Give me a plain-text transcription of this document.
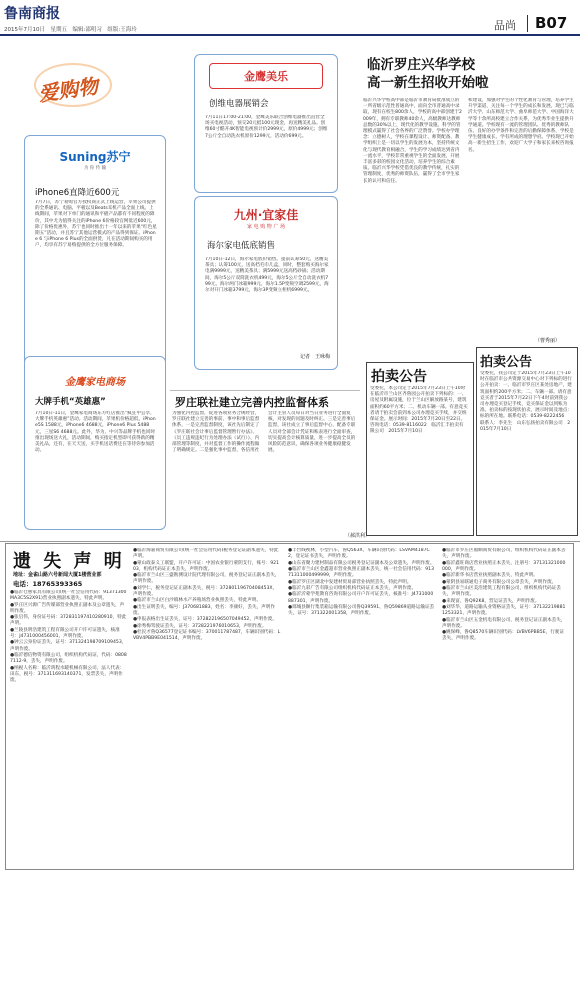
鲁南商报
2015年7月10日　星期五　编辑:邵明习　组版:王海玲	品尚 B07
爱购物
Suning苏宁
为 你 传 输
iPhone6直降近600元
7月7日，苏宁易购官方授权商正式上线运营，苹果公司提供的全系通讯、电脑、平板以及Beats耳机产品全面上线。上线期间，苹果对下单门的通讯和平板产品都有不同程度的降价，其中尤为值得关注的iPhone 6价格较官网低近600元，除了价格优惠外，苏宁也同时推出十一年以来的苹果“红色星期五”活动，并且苏宁其他运营模式的产品得到保证。iPhone 6 与iPhone 6 Plus的全面供货，凡在活动期间购买的用户，均享有苏宁易购提供的全方位服务保障。
金鹰美乐
创维电器展销会
7月11日17:00-21:00，金鹰美乐联合创维电器推出直营全场买电视活动，预交20元抵100元现金，再送精美礼品。创维60寸酷开4K智能电视预计价2999元，原价4999元；创维7公斤全自动洗衣机原价1299元，活动价699元。
九州·宜家佳
家 电 购 物 广 场
海尔家电低底销售
7月10日-12日，海尔家电底价销售。提前认筹50元，送精美茶具；认筹100元，送高档毛巾几盒，同时，整套购买海尔家电满9999元，送精美茶具；满5999元送高档砂锅；活动期间，海尔5公斤双筒洗衣机499元，海尔5公斤全自动洗衣机799元，海尔两门冰箱999元，海尔1.5P变频空调2599元，海尔对开门冰箱3799元，海尔3P变频立柜机6999元。
记者　王咏梅
金鹰家电商场
大牌手机“英雄惠”
7月10日-11日，金鹰家电商场东方红店推出“疯狂甲公享，大牌手机英雄惠”活动。活动期间，苹果机价格超低，iPhone5S 1588元，iPhone6 4688元，iPhone6 Plus 5488元，三星S6 4688元。此外，华为，中兴等品牌手机也同时推出现场送大礼，活动期间，购买指定机型即可获得新的精美礼品，还有，在天天送，买手机送话费还在等待你参加活动。
临沂罗庄兴华学校
高一新生招收开始啦
临沂兴华学校高中部是临沂市教育局批准成立的一所省级示范性普通高中，面向全市普通高中录取，现有在校生800余人，学校的高中部创建于2009年，拥有专职教师40余人，高级教师达教师总数的30%以上，现代化的教学设施、科学的管理模式赢得了社会各界的广泛赞誉。学校办学理念：立德树人，学校在课程设计、师资配备、教学组织上是一切以学生的发展为本，坚持传统文化与现代教育相融合，学生的学习成绩达到省内一流水平，学校非常重视学生的全面发展，开展丰富多彩的校园文化活动，培养学生的综合素质。临沂兴华学校凭借优良的教学传统，扎实的管理制度，优秀的师资队伍，赢得了全市学生家长的认可和信任。
和建设，加强对学生的个性化教育与管理，培养学生升学渠道，关注每一个学生的成长和发展，现已与临沂大学、山东师范大学、曲阜师范大学、中国海洋大学等十余所高校建立合作关系，为优秀毕业生提供升学通道。学校现有一流的管理团队、优秀的教师队伍、良好的办学条件和完善的后勤保障体系，学校是学生健康成长、学有所成的理想学府。学校现已开始高一新生招生工作，欢迎广大学子和家长来校咨询报名。
（曹秀丽）
罗庄联社建立完善内控监督体系
为强化内控监督，促进各项业务合规经营，罗庄联社建立完善的事前、事中和事后监督体系，一是完善监督制度，该社先后制定了《罗庄联社会计事后监督管理暂行办法》、《员工违规违纪行为处理办法（试行）》、内部管理等制度，并对监督工作的操作流程做了明确规定。二是强化事中监督，各信用社会计主管人员每日对当日业务进行全面复核，对发现的问题及时纠正。三是完善事后监督，该社成立了事后监督中心，配备专职人员对全部会计凭证和账表进行全面审查，切实提高会计核算质量，进一步提高全员的风险防范意识，确保各项业务健康稳健发展。
（郝洪利）
拍卖公告
受委托，本公司定于2015年7月23日上午10时在临沂市兰山区齐鲁园公开拍卖下列标的：一、房屋及附属设施，位于兰山区解放路某号，建筑面积约60平方米；二、机动车辆一部。有意竞买者请于拍卖会前到本公司办理竞买手续，并交纳保证金。展示时间：2015年7月20日至22日。咨询电话：0539-8116022　临沂汇丰拍卖有限公司　2015年7月10日
拍卖公告
受委托，我公司定于2015年7月23日上午10时在临沂市公共资源交易中心对下列标的进行公开拍卖：一、临沂市罗庄区某处房地产，建筑面积约200平方米；二、车辆一部。请有意竞买者于2015年7月22日下午4时前到我公司办理竞买登记手续，竞买保证金以到账为准。拍卖标的按现状拍卖，展示时间及地点：标的所在地。联系电话：0539-8222456　联系人：李先生　山东弘扬拍卖有限公司　2015年7月10日
遗 失 声 明
地址：金雀山路六号新闻大厦1楼营业部
电话：18765393365
●临沂仓惠家具有限公司(统一社会信用代码：91371300MA3C5S2X91)营业执照副本遗失，特此声明。
●罗庄区兴源广告传媒部营业执照正副本及公章遗失，声明作废。
●张启伟，身份证号码：372831197410280910，特此声明。
●兰陵县明浩建筑工程有限公司开户许可证遗失，核准号：J4731000456001，声明作废。
●钟云云身份证丢失，证号：371324198709109453，声明作废。
●临沂德信物资有限公司，组织机构代码证，代码：08087112-9，丢失，声明作废。
●纳税人名称：临沂鸿程水暖机械有限公司，法人代表：田东，税号：371311693140371，发票丢失，声明作废。
●临沂海嘉商贸有限公司(统一社会信用代码)税务登记证副本遗失，特此声明。
●蒙山政泰义工联盟，开户许可证：中国农业银行蒙阴支行，账号：92103，机构代码证正本丢失，声明作废。
●临沂市兰山区三盛勘测设计院代理有限公司，税务登记证正副本丢失，声明作废。
●刘学仁，税务登记证正副本丢失，税号：37280119670408453X，声明作废。
●临沂市兰山区白沙镇林水产养殖场营业执照丢失，特此声明。
●出生证明丢失，编号：J370681883，姓名：李颜好，丢失，声明作废。
●申报表格出生证丢失，证号：372822196507049452，声明作废。
●徐秀梅驾驶证丢失，证号：3728221976010653，声明作废。
●杜民才鲁Q36577登记证书编号：370011787487，车辆识别代码：LVBV4PBB9E041514，声明作废。
●丰台线视林，小型汽车，鲁Q563X，车辆识别代码：LSVAM4187C2，登记证书丢失，声明作废。
●山东省聚力建材制品有限公司税务登记证副本及公章遗失，声明作废。
●临沂市兰山区金鑫超市营业执照正副本丢失，统一社会信用代码：91371311000499999，声明作废。
●临沂罗庄区湖北中发建材贸易部营业执照丢失，特此声明。
●临沂九彩广告有限公司组织机构代码证正本丢失，声明作废。
●临沂沂蒙学苑教育咨询有限公司开户许可证丢失，核准号：J4731000887301，声明作废。
●郯城县顺行集装箱运输有限公司鲁Q39591、鲁Q59869道路运输证丢失，证号：371322001358，声明作废。
●临沂市罗庄区福顺商贸有限公司，组织机构代码证正副本丢失，声明作废。
●临沂鑫旺商店营业执照正本丢失，注册号：37131321000000，声明作废。
●临沂新华书店营业执照副本丢失，特此声明。
●蒙阴县易联通电子商务有限公司公章丢失，声明作废。
●临沂市兰山区美浩建筑工程有限公司，组织机构代码证丢失，声明作废。
●来现富，鲁Q92K8，营运证丢失，声明作废。
●刘华华，道路运输从业资格证丢失，证号：371322198811253321，声明作废。
●临沂市兰山区五金机电有限公司，税务登记证正副本丢失，声明作废。
●姚保峰，鲁Q8570车辆识别代码：LVBV6PBB5E，行驶证丢失，声明作废。
